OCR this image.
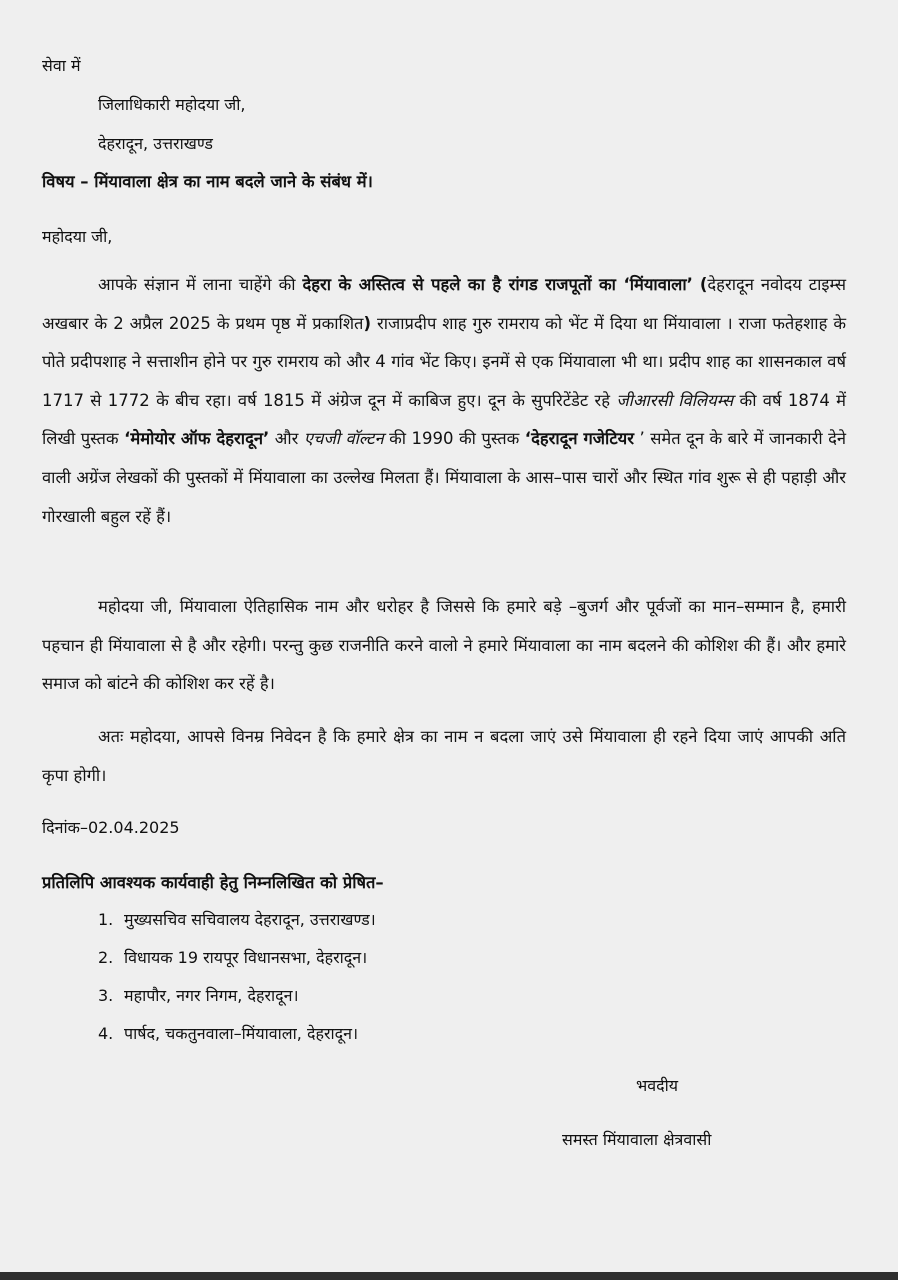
सेवा में
जिलाधिकारी महोदया जी,
देहरादून, उत्तराखण्ड
विषय – मिंयावाला क्षेत्र का नाम बदले जाने के संबंध में।
महोदया जी,
आपके संज्ञान में लाना चाहेंगे की देहरा के अस्तित्व से पहले का है रांगड राजपूतों का ‘मिंयावाला’ (देहरादून नवोदय टाइम्स अखबार के 2 अप्रैल 2025 के प्रथम पृष्ठ में प्रकाशित) राजाप्रदीप शाह गुरु रामराय को भेंट में दिया था मिंयावाला । राजा फतेहशाह के पोते प्रदीपशाह ने सत्ताशीन होने पर गुरु रामराय को और 4 गांव भेंट किए। इनमें से एक मिंयावाला भी था। प्रदीप शाह का शासनकाल वर्ष 1717 से 1772 के बीच रहा। वर्ष 1815 में अंग्रेज दून में काबिज हुए। दून के सुपरिटेंडेट रहे जीआरसी विलियम्स की वर्ष 1874 में लिखी पुस्तक ‘मेमोयोर ऑफ देहरादून’ और एचजी वॉल्टन की 1990 की पुस्तक ‘देहरादून गजेटियर ’ समेत दून के बारे में जानकारी देने वाली अग्रेंज लेखकों की पुस्तकों में मिंयावाला का उल्लेख मिलता हैं। मिंयावाला के आस–पास चारों और स्थित गांव शुरू से ही पहाड़ी और गोरखाली बहुल रहें हैं।
महोदया जी, मिंयावाला ऐतिहासिक नाम और धरोहर है जिससे कि हमारे बड़े –बुजर्ग और पूर्वजों का मान–सम्मान है, हमारी पहचान ही मिंयावाला से है और रहेगी। परन्तु कुछ राजनीति करने वालो ने हमारे मिंयावाला का नाम बदलने की कोशिश की हैं। और हमारे समाज को बांटने की कोशिश कर रहें है।
अतः महोदया, आपसे विनम्र निवेदन है कि हमारे क्षेत्र का नाम न बदला जाएं उसे मिंयावाला ही रहने दिया जाएं आपकी अति कृपा होगी।
दिनांक–02.04.2025
प्रतिलिपि आवश्यक कार्यवाही हेतु निम्नलिखित को प्रेषित–
1. मुख्यसचिव सचिवालय देहरादून, उत्तराखण्ड।
2. विधायक 19 रायपूर विधानसभा, देहरादून।
3. महापौर, नगर निगम, देहरादून।
4. पार्षद, चकतुनवाला–मिंयावाला, देहरादून।
भवदीय
समस्त मिंयावाला क्षेत्रवासी
